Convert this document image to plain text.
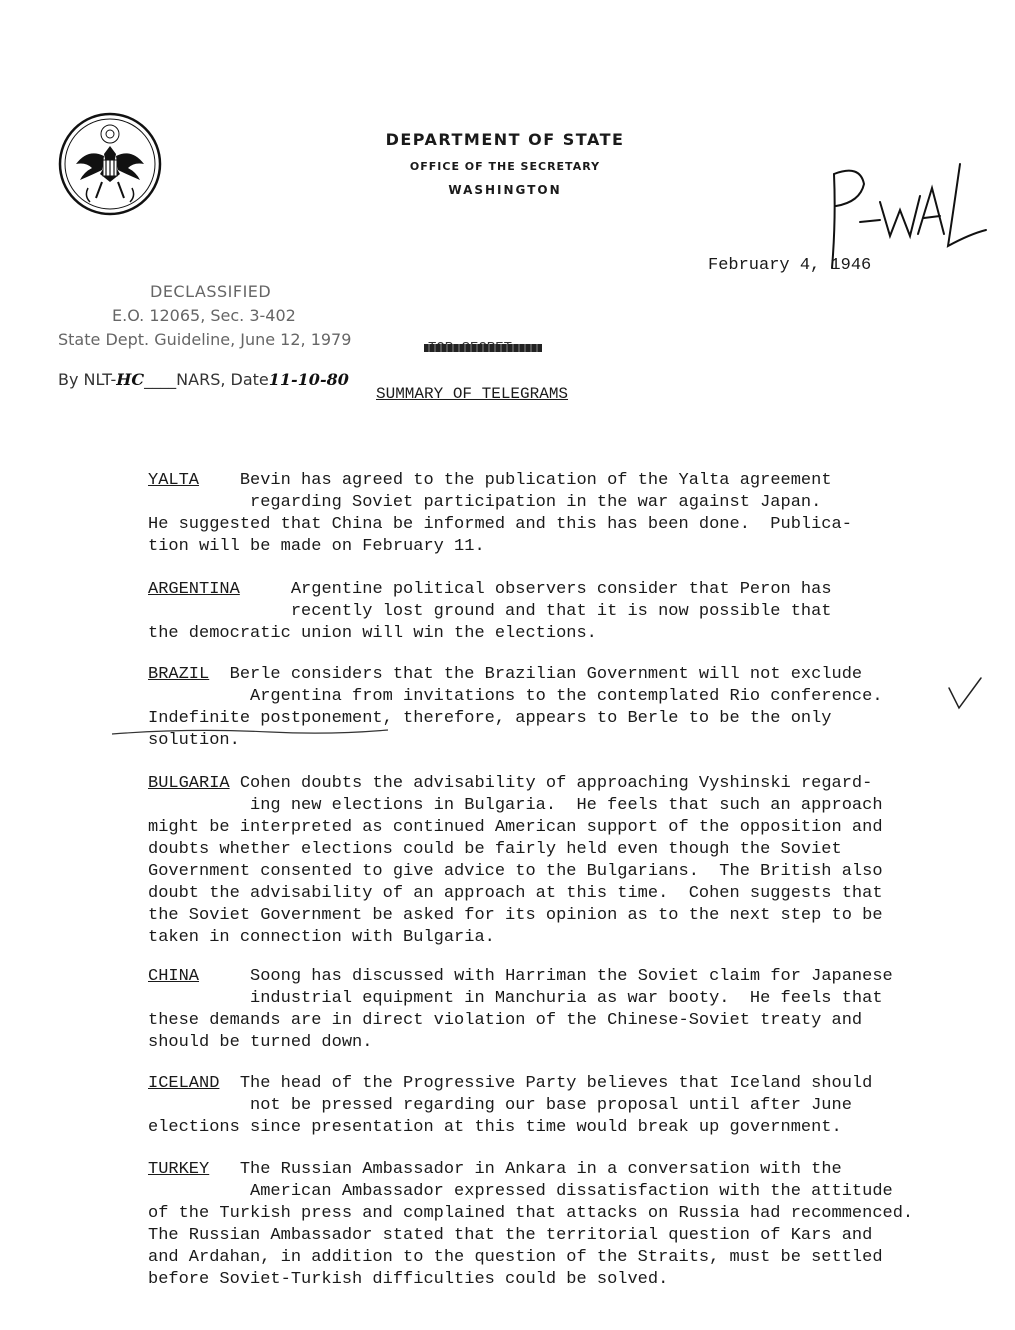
DEPARTMENT OF STATE
OFFICE OF THE SECRETARY
WASHINGTON
February 4, 1946
DECLASSIFIED
E.O. 12065, Sec. 3-402
State Dept. Guideline, June 12, 1979
By NLT-HC____NARS, Date11-10-80
SUMMARY OF TELEGRAMS
YALTA Bevin has agreed to the publication of the Yalta agreement
regarding Soviet participation in the war against Japan.
He suggested that China be informed and this has been done.  Publica-
tion will be made on February 11.
ARGENTINA	Argentine political observers consider that Peron has
recently lost ground and that it is now possible that
the democratic union will win the elections.
BRAZIL Berle considers that the Brazilian Government will not exclude
Argentina from invitations to the contemplated Rio conference.
Indefinite postponement, therefore, appears to Berle to be the only
solution.
BULGARIA Cohen doubts the advisability of approaching Vyshinski regard-
ing new elections in Bulgaria.  He feels that such an approach
might be interpreted as continued American support of the opposition and
doubts whether elections could be fairly held even though the Soviet
Government consented to give advice to the Bulgarians.  The British also
doubt the advisability of an approach at this time.  Cohen suggests that
the Soviet Government be asked for its opinion as to the next step to be
taken in connection with Bulgaria.
CHINA	Soong has discussed with Harriman the Soviet claim for Japanese
industrial equipment in Manchuria as war booty.  He feels that
these demands are in direct violation of the Chinese-Soviet treaty and
should be turned down.
ICELAND The head of the Progressive Party believes that Iceland should
not be pressed regarding our base proposal until after June
elections since presentation at this time would break up government.
TURKEY The Russian Ambassador in Ankara in a conversation with the
American Ambassador expressed dissatisfaction with the attitude
of the Turkish press and complained that attacks on Russia had recommenced.
The Russian Ambassador stated that the territorial question of Kars and
and Ardahan, in addition to the question of the Straits, must be settled
before Soviet-Turkish difficulties could be solved.
